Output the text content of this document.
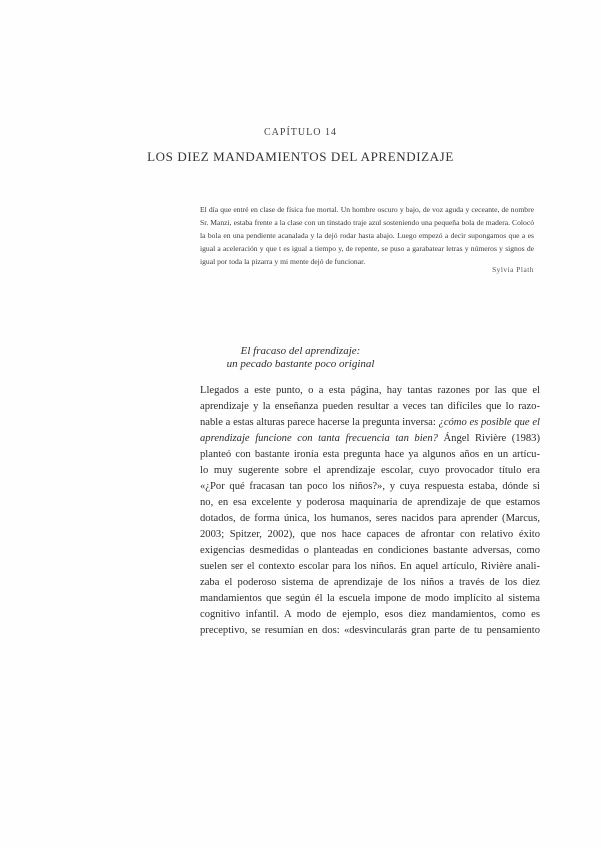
CAPÍTULO 14
LOS DIEZ MANDAMIENTOS DEL APRENDIZAJE
El día que entré en clase de física fue mortal. Un hombre oscuro y bajo, de voz aguda y ceceante, de nombre Sr. Manzi, estaba frente a la clase con un tinstado traje azul sosteniendo una pequeña bola de madera. Colocó la bola en una pendiente acanalada y la dejó rodar hasta abajo. Luego empezó a decir supongamos que a es igual a aceleración y que t es igual a tiempo y, de repente, se puso a garabatear letras y números y signos de igual por toda la pizarra y mi mente dejó de funcionar.
Sylvia Plath
El fracaso del aprendizaje:
un pecado bastante poco original
Llegados a este punto, o a esta página, hay tantas razones por las que el
aprendizaje y la enseñanza pueden resultar a veces tan difíciles que lo razo-
nable a estas alturas parece hacerse la pregunta inversa: ¿cómo es posible que el
aprendizaje funcione con tanta frecuencia tan bien? Ángel Rivière (1983)
planteó con bastante ironía esta pregunta hace ya algunos años en un artícu-
lo muy sugerente sobre el aprendizaje escolar, cuyo provocador título era
«¿Por qué fracasan tan poco los niños?», y cuya respuesta estaba, dónde si
no, en esa excelente y poderosa maquinaria de aprendizaje de que estamos
dotados, de forma única, los humanos, seres nacidos para aprender (Marcus,
2003; Spitzer, 2002), que nos hace capaces de afrontar con relativo éxito
exigencias desmedidas o planteadas en condiciones bastante adversas, como
suelen ser el contexto escolar para los niños. En aquel artículo, Rivière anali-
zaba el poderoso sistema de aprendizaje de los niños a través de los diez
mandamientos que según él la escuela impone de modo implícito al sistema
cognitivo infantil. A modo de ejemplo, esos diez mandamientos, como es
preceptivo, se resumían en dos: «desvincularás gran parte de tu pensamiento
